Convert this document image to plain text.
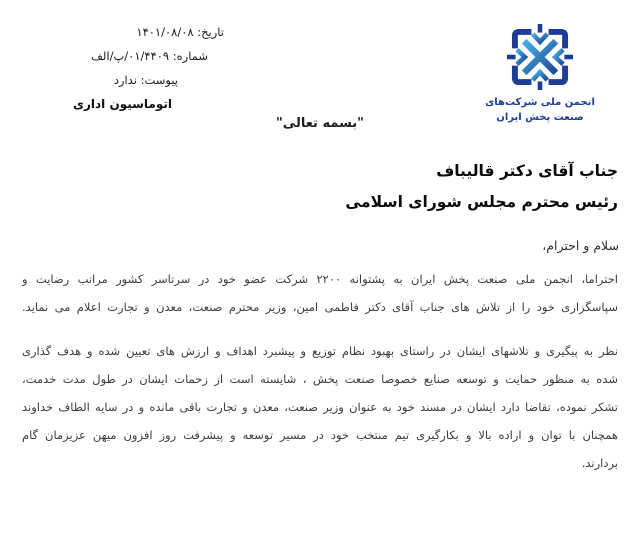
تاریخ: ۱۴۰۱/۰۸/۰۸
شماره: ۰۱/۴۴۰۹/پ/الف
پیوست: ندارد
اتوماسیون اداری	انجمن ملی شرکت‌های
صنعت پخش ایران
"بسمه تعالی"
جناب آقای دکتر قالیباف
رئیس محترم مجلس شورای اسلامی
سلام و احترام،
احتراما، انجمن ملی صنعت پخش ایران به پشتوانه ۲۲۰۰ شرکت عضو خود در سرتاسر کشور مراتب رضایت و
سپاسگزاری خود را از تلاش های جناب آقای دکتر فاطمی امین، وزیر محترم صنعت، معدن و تجارت اعلام می نماید.
نظر به پیگیری و تلاشهای ایشان در راستای بهبود نظام توزیع و پیشبرد اهداف و ارزش های تعیین شده و هدف گذاری
شده به منظور حمایت و توسعه صنایع خصوصا صنعت پخش ، شایسته است از زحمات ایشان در طول مدت خدمت،
تشکر نموده، تقاضا دارد ایشان در مسند خود به عنوان وزیر صنعت، معدن و تجارت باقی مانده و در سایه الطاف خداوند
همچنان با توان و اراده بالا و بکارگیری تیم منتخب خود در مسیر توسعه و پیشرفت روز افزون میهن عزیزمان گام
بردارند.
